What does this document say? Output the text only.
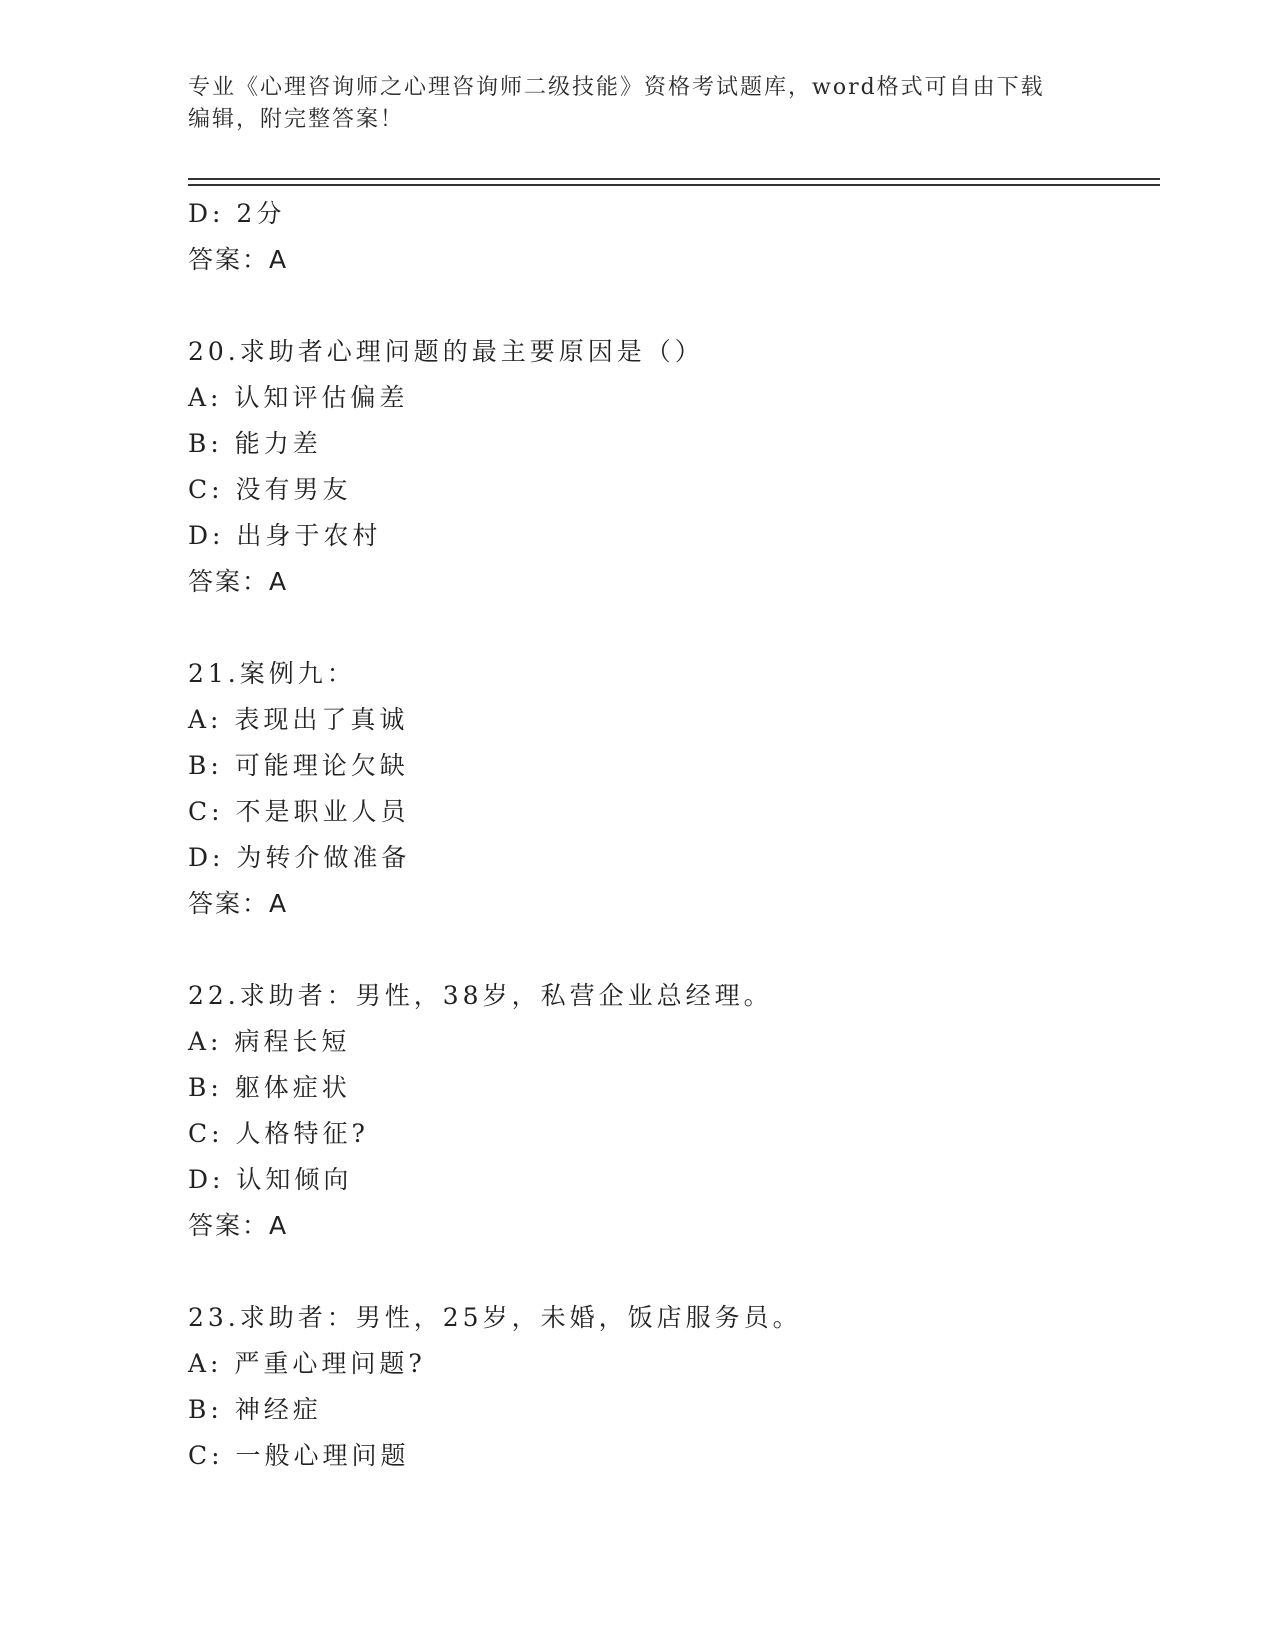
专业《心理咨询师之心理咨询师二级技能》资格考试题库，word格式可自由下载
编辑，附完整答案！
D: 2分
答案：A
20.求助者心理问题的最主要原因是（）
A: 认知评估偏差
B: 能力差
C: 没有男友
D: 出身于农村
答案：A
21.案例九：
A: 表现出了真诚
B: 可能理论欠缺
C: 不是职业人员
D: 为转介做准备
答案：A
22.求助者：男性，38岁，私营企业总经理。
A: 病程长短
B: 躯体症状
C: 人格特征?
D: 认知倾向
答案：A
23.求助者：男性，25岁，未婚，饭店服务员。
A: 严重心理问题?
B: 神经症
C: 一般心理问题
